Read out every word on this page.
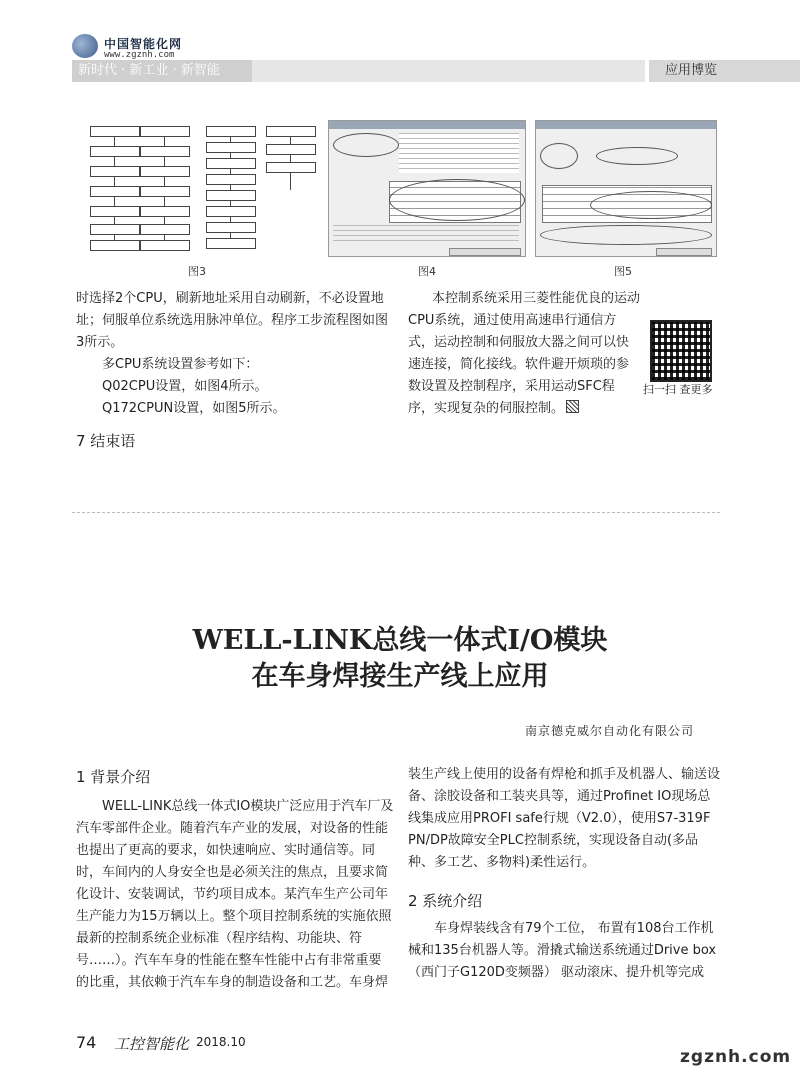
中国智能化网
www.zgznh.com
新时代 · 新工业 · 新智能	应用博览
图3	图4	图5
时选择2个CPU，刷新地址采用自动刷新，不必设置地址；伺服单位系统选用脉冲单位。程序工步流程图如图3所示。
多CPU系统设置参考如下：
Q02CPU设置，如图4所示。
Q172CPUN设置，如图5所示。
7 结束语
本控制系统采用三菱性能优良的运动CPU系统，通过使用高速串行通信方式，运动控制和伺服放大器之间可以快速连接，简化接线。软件避开烦琐的参数设置及控制程序，采用运动SFC程序，实现复杂的伺服控制。
扫一扫 查更多
WELL-LINK总线一体式I/O模块
在车身焊接生产线上应用
南京德克威尔自动化有限公司
1 背景介绍
WELL-LINK总线一体式IO模块广泛应用于汽车厂及汽车零部件企业。随着汽车产业的发展，对设备的性能也提出了更高的要求，如快速响应、实时通信等。同时，车间内的人身安全也是必须关注的焦点，且要求简化设计、安装调试，节约项目成本。某汽车生产公司年生产能力为15万辆以上。整个项目控制系统的实施依照最新的控制系统企业标准（程序结构、功能块、符号……）。汽车车身的性能在整车性能中占有非常重要的比重，其依赖于汽车车身的制造设备和工艺。车身焊
装生产线上使用的设备有焊枪和抓手及机器人、输送设备、涂胶设备和工装夹具等，通过Profinet IO现场总线集成应用PROFI safe行规（V2.0），使用S7-319F PN/DP故障安全PLC控制系统，实现设备自动(多品种、多工艺、多物料)柔性运行。
2 系统介绍
车身焊装线含有79个工位， 布置有108台工作机械和135台机器人等。滑撬式输送系统通过Drive box（西门子G120D变频器） 驱动滚床、提升机等完成
74 工控智能化 2018.10
zgznh.com
